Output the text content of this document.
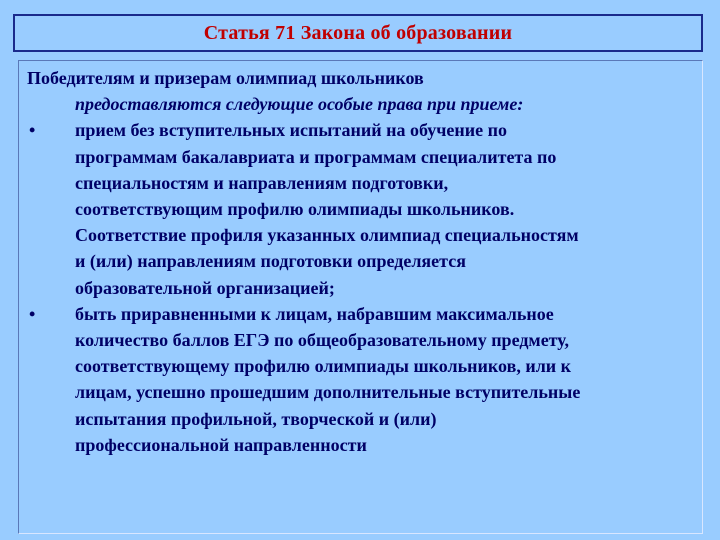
Статья 71 Закона об образовании

Победителям и призерам олимпиад школьников

предоставляются следующие особые права при приеме:

•	прием без вступительных испытаний на обучение по
программам бакалавриата и программам специалитета по
специальностям и направлениям подготовки,
соответствующим профилю олимпиады школьников.
Соответствие профиля указанных олимпиад специальностям
и (или) направлениям подготовки определяется
образовательной организацией;
•	быть приравненными к лицам, набравшим максимальное
количество баллов ЕГЭ по общеобразовательному предмету,
соответствующему профилю олимпиады школьников, или к
лицам, успешно прошедшим дополнительные вступительные
испытания профильной, творческой и (или)
профессиональной направленности
